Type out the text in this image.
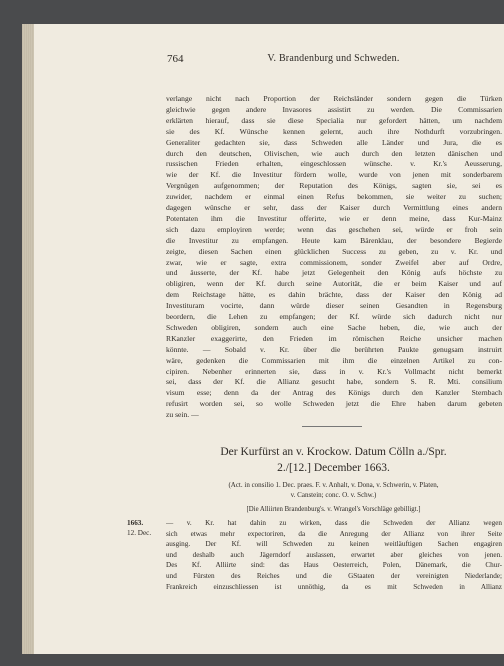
764	V. Brandenburg und Schweden.
verlange nicht nach Proportion der Reichsländer sondern gegen die Türken
gleichwie gegen andere Invasores assistirt zu werden. Die Commissarien
erklärten hierauf, dass sie diese Specialia nur gefordert hätten, um nachdem
sie des Kf. Wünsche kennen gelernt, auch ihre Nothdurft vorzubringen.
Generaliter gedachten sie, dass Schweden alle Länder und Jura, die es
durch den deutschen, Olivischen, wie auch durch den letzten dänischen und
russischen Frieden erhalten, eingeschlossen wünsche. v. Kr.'s Aeusserung,
wie der Kf. die Investitur fördern wolle, wurde von jenen mit sonderbarem
Vergnügen aufgenommen; der Reputation des Königs, sagten sie, sei es
zuwider, nachdem er einmal einen Refus bekommen, sie weiter zu suchen;
dagegen wünsche er sehr, dass der Kaiser durch Vermittlung eines andern
Potentaten ihm die Investitur offerirte, wie er denn meine, dass Kur-Mainz
sich dazu employiren werde; wenn das geschehen sei, würde er froh sein
die Investitur zu empfangen. Heute kam Bärenklau, der besondere Begierde
zeigte, diesen Sachen einen glücklichen Success zu geben, zu v. Kr. und
zwar, wie er sagte, extra commissionem, sonder Zweifel aber auf Ordre,
und äusserte, der Kf. habe jetzt Gelegenheit den König aufs höchste zu
obligiren, wenn der Kf. durch seine Autorität, die er beim Kaiser und auf
dem Reichstage hätte, es dahin brächte, dass der Kaiser den König ad
Investituram vocirte, dann würde dieser seinen Gesandten in Regensburg
beordern, die Lehen zu empfangen; der Kf. würde sich dadurch nicht nur
Schweden obligiren, sondern auch eine Sache heben, die, wie auch der
RKanzler exaggerirte, den Frieden im römischen Reiche unsicher machen
könnte. — Sobald v. Kr. über die berührten Paukte genugsam instruirt
wäre, gedenken die Commissarien mit ihm die einzelnen Artikel zu con-
cipiren. Nebenher erinnerten sie, dass in v. Kr.'s Vollmacht nicht bemerkt
sei, dass der Kf. die Allianz gesucht habe, sondern S. R. Mti. consilium
visum esse; denn da der Antrag des Königs durch den Kanzler Sternbach
refusirt worden sei, so wolle Schweden jetzt die Ehre haben darum gebeten
zu sein. —
Der Kurfürst an v. Krockow. Datum Cölln a./Spr.
2./[12.] December 1663.
(Act. in consilio 1. Dec. praes. F. v. Anhalt, v. Dona, v. Schwerin, v. Platen,
v. Canstein; conc. O. v. Schw.)
[Die Alliirten Brandenburg's. v. Wrangel's Vorschläge gebilligt.]
1663.
12. Dec.
— v. Kr. hat dahin zu wirken, dass die Schweden der Allianz wegen
sich etwas mehr expectoriren, da die Anregung der Allianz von ihrer Seite
ausging. Der Kf. will Schweden zu keinen weitläuftigen Sachen engagiren
und deshalb auch Jägerndorf auslassen, erwartet aber gleiches von jenen.
Des Kf. Alliirte sind: das Haus Oesterreich, Polen, Dänemark, die Chur-
und Fürsten des Reiches und die GStaaten der vereinigten Niederlande;
Frankreich einzuschliessen ist unnöthig, da es mit Schweden in Allianz
